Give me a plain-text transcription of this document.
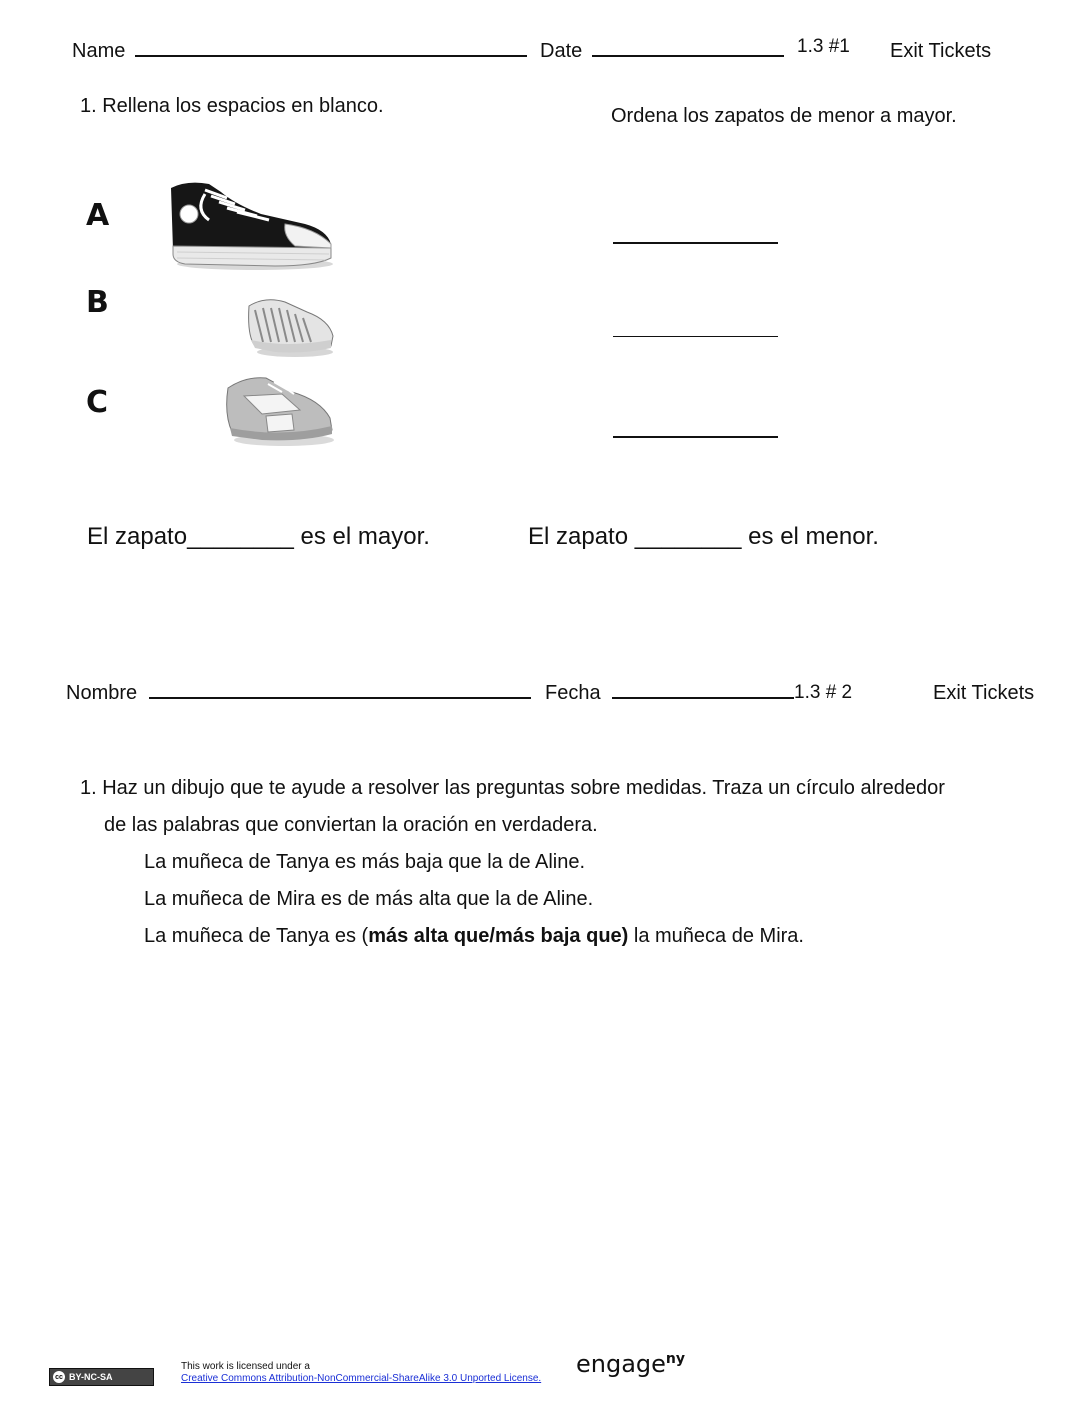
Name	Date	1.3 #1 Exit Tickets
1. Rellena los espacios en blanco.	Ordena los zapatos de menor a mayor.
A
B
C
El zapato________ es el mayor.	El zapato ________ es el menor.
Nombre	Fecha	1.3 # 2	Exit Tickets
1. Haz un dibujo que te ayude a resolver las preguntas sobre medidas. Traza un círculo alrededor
de las palabras que conviertan la oración en verdadera.
La muñeca de Tanya es más baja que la de Aline.
La muñeca de Mira es de más alta que la de Aline.
La muñeca de Tanya es (más alta que/más baja que) la muñeca de Mira.
cc BY-NC-SA
This work is licensed under a
Creative Commons Attribution-NonCommercial-ShareAlike 3.0 Unported License.
engage$^{ny}$
